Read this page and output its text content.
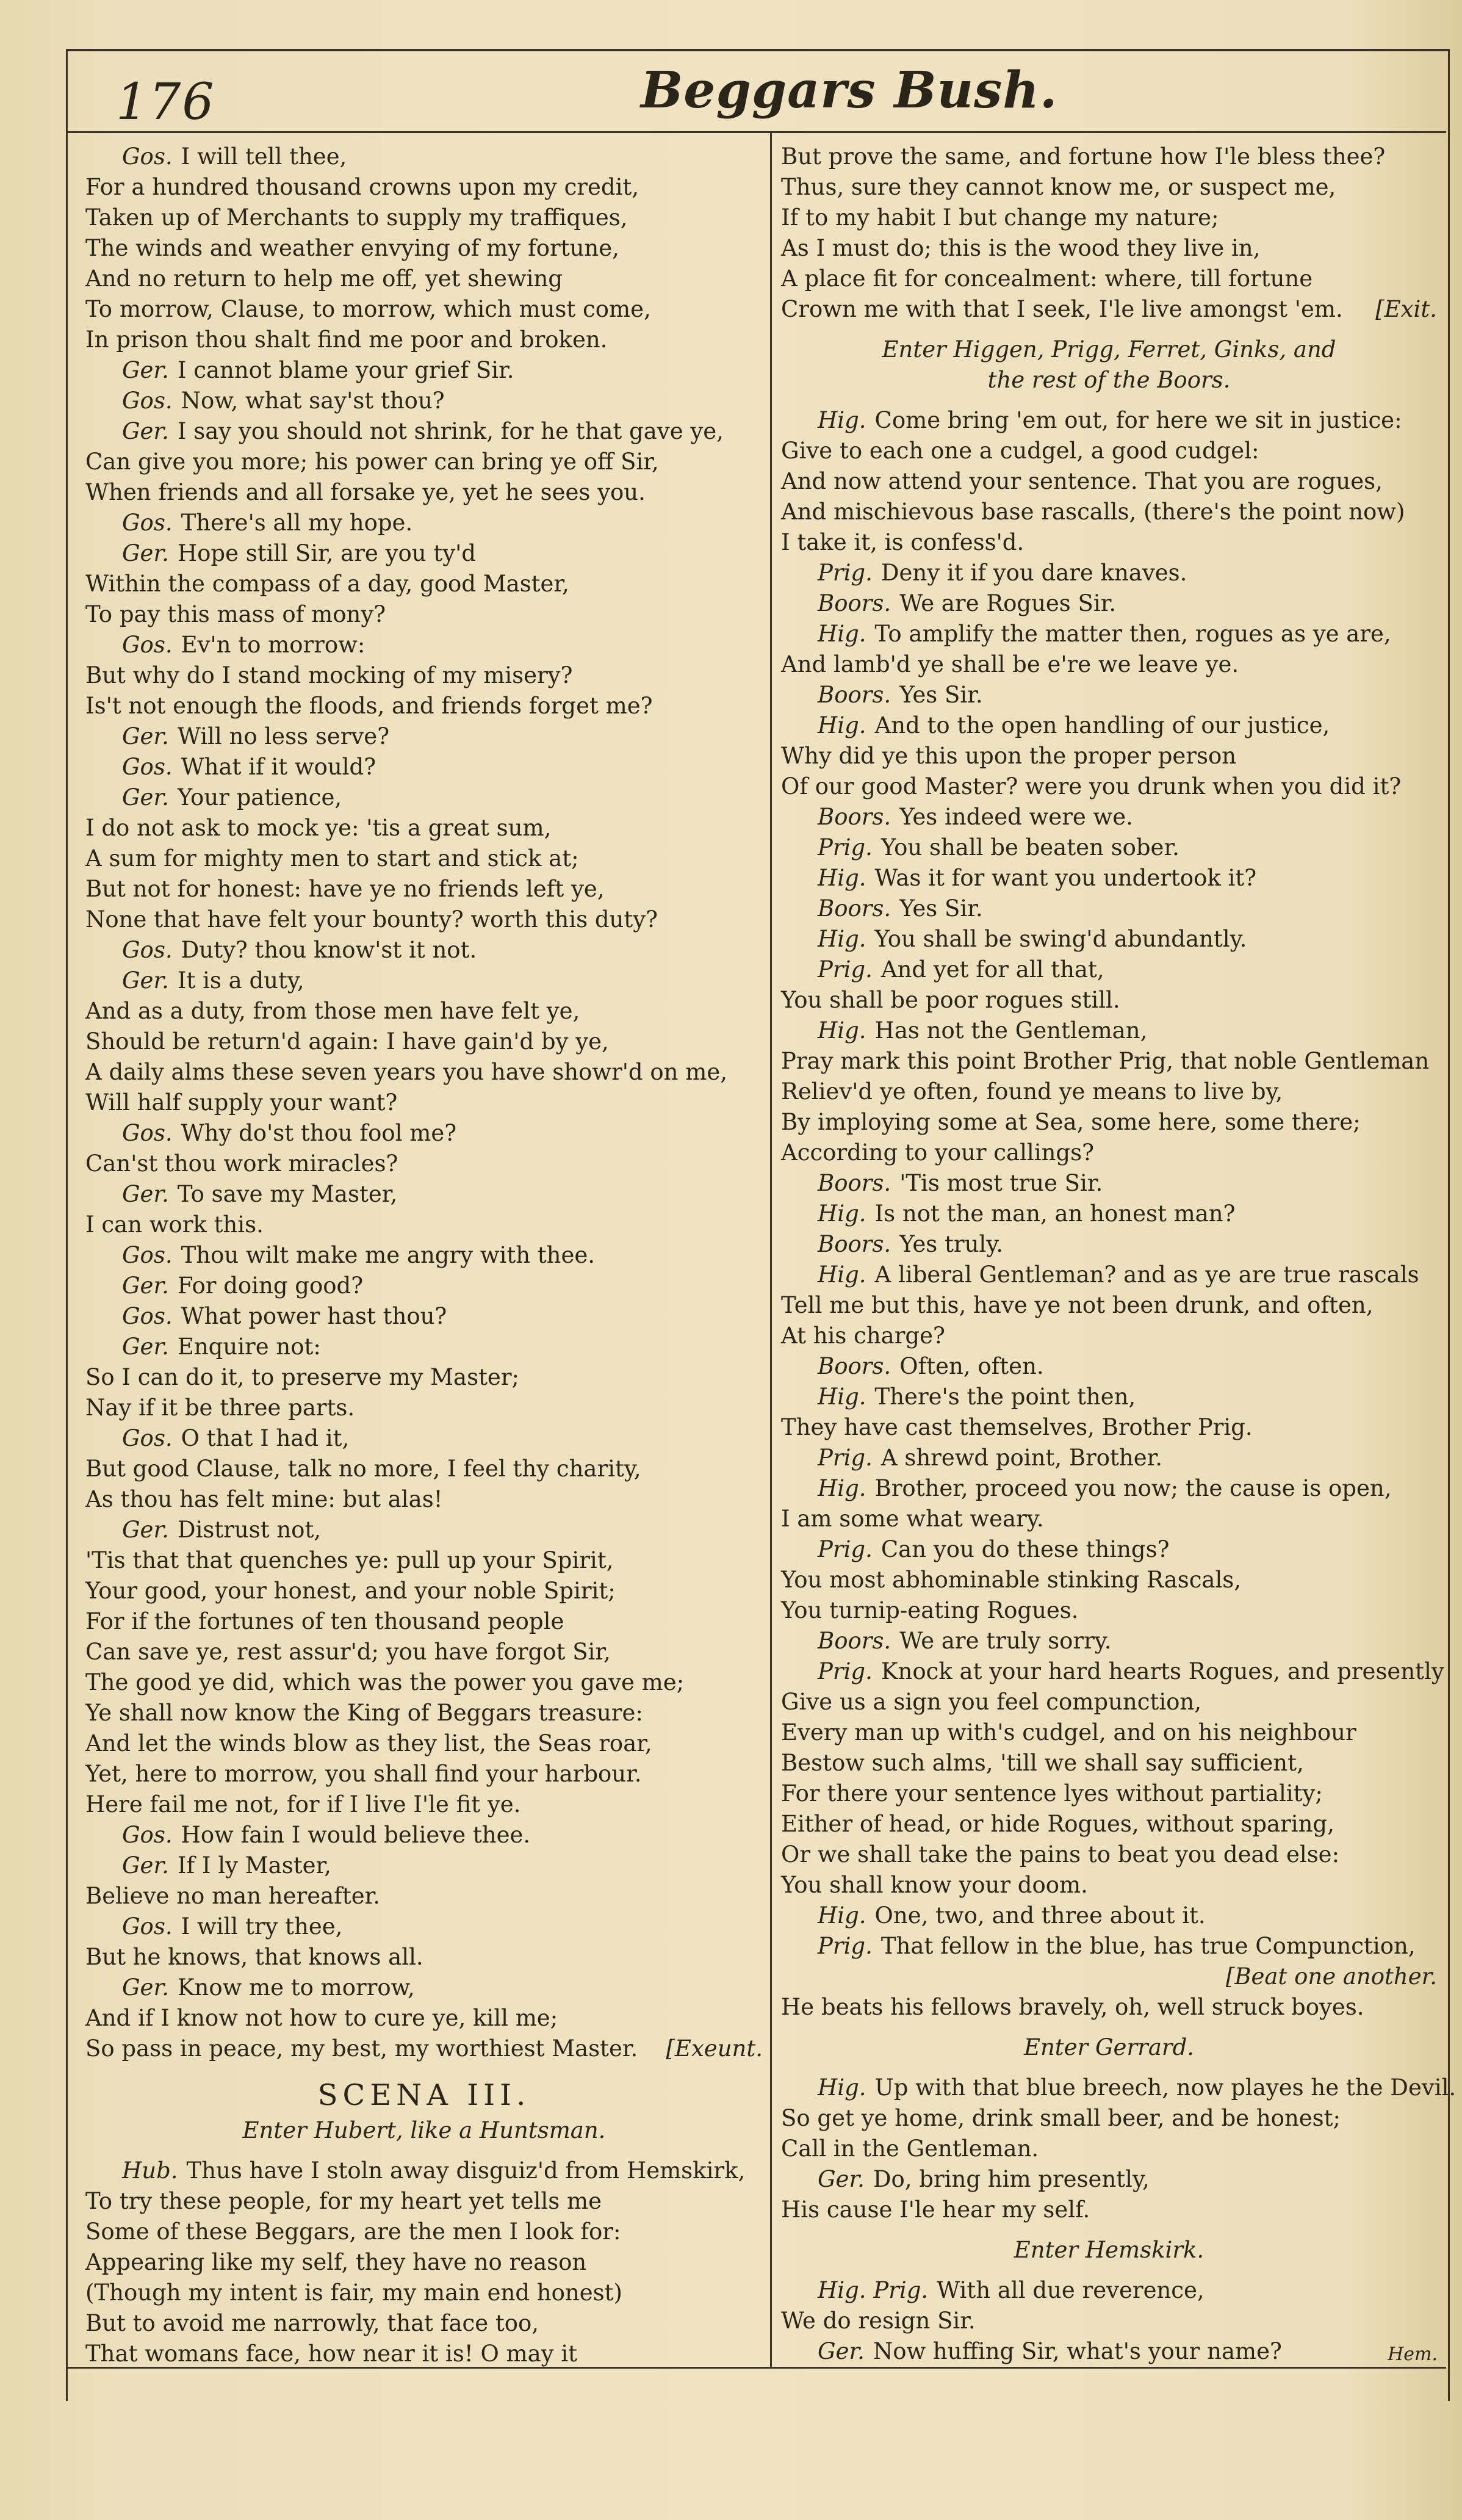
176	Beggars Bush.
Gos. I will tell thee,
For a hundred thousand crowns upon my credit,
Taken up of Merchants to supply my traffiques,
The winds and weather envying of my fortune,
And no return to help me off, yet shewing
To morrow, Clause, to morrow, which must come,
In prison thou shalt find me poor and broken.
Ger. I cannot blame your grief Sir.
Gos. Now, what say'st thou?
Ger. I say you should not shrink, for he that gave ye,
Can give you more; his power can bring ye off Sir,
When friends and all forsake ye, yet he sees you.
Gos. There's all my hope.
Ger. Hope still Sir, are you ty'd
Within the compass of a day, good Master,
To pay this mass of mony?
Gos. Ev'n to morrow:
But why do I stand mocking of my misery?
Is't not enough the floods, and friends forget me?
Ger. Will no less serve?
Gos. What if it would?
Ger. Your patience,
I do not ask to mock ye: 'tis a great sum,
A sum for mighty men to start and stick at;
But not for honest: have ye no friends left ye,
None that have felt your bounty? worth this duty?
Gos. Duty? thou know'st it not.
Ger. It is a duty,
And as a duty, from those men have felt ye,
Should be return'd again: I have gain'd by ye,
A daily alms these seven years you have showr'd on me,
Will half supply your want?
Gos. Why do'st thou fool me?
Can'st thou work miracles?
Ger. To save my Master,
I can work this.
Gos. Thou wilt make me angry with thee.
Ger. For doing good?
Gos. What power hast thou?
Ger. Enquire not:
So I can do it, to preserve my Master;
Nay if it be three parts.
Gos. O that I had it,
But good Clause, talk no more, I feel thy charity,
As thou has felt mine: but alas!
Ger. Distrust not,
'Tis that that quenches ye: pull up your Spirit,
Your good, your honest, and your noble Spirit;
For if the fortunes of ten thousand people
Can save ye, rest assur'd; you have forgot Sir,
The good ye did, which was the power you gave me;
Ye shall now know the King of Beggars treasure:
And let the winds blow as they list, the Seas roar,
Yet, here to morrow, you shall find your harbour.
Here fail me not, for if I live I'le fit ye.
Gos. How fain I would believe thee.
Ger. If I ly Master,
Believe no man hereafter.
Gos. I will try thee,
But he knows, that knows all.
Ger. Know me to morrow,
And if I know not how to cure ye, kill me;
[Exeunt.
So pass in peace, my best, my worthiest Master.
SCENA III.
Enter Hubert, like a Huntsman.
Hub. Thus have I stoln away disguiz'd from Hemskirk,
To try these people, for my heart yet tells me
Some of these Beggars, are the men I look for:
Appearing like my self, they have no reason
(Though my intent is fair, my main end honest)
But to avoid me narrowly, that face too,
That womans face, how near it is! O may it
But prove the same, and fortune how I'le bless thee?
Thus, sure they cannot know me, or suspect me,
If to my habit I but change my nature;
As I must do; this is the wood they live in,
A place fit for concealment: where, till fortune
[Exit.
Crown me with that I seek, I'le live amongst 'em.
Enter Higgen, Prigg, Ferret, Ginks, and
the rest of the Boors.
Hig. Come bring 'em out, for here we sit in justice:
Give to each one a cudgel, a good cudgel:
And now attend your sentence. That you are rogues,
And mischievous base rascalls, (there's the point now)
I take it, is confess'd.
Prig. Deny it if you dare knaves.
Boors. We are Rogues Sir.
Hig. To amplify the matter then, rogues as ye are,
And lamb'd ye shall be e're we leave ye.
Boors. Yes Sir.
Hig. And to the open handling of our justice,
Why did ye this upon the proper person
Of our good Master? were you drunk when you did it?
Boors. Yes indeed were we.
Prig. You shall be beaten sober.
Hig. Was it for want you undertook it?
Boors. Yes Sir.
Hig. You shall be swing'd abundantly.
Prig. And yet for all that,
You shall be poor rogues still.
Hig. Has not the Gentleman,
Pray mark this point Brother Prig, that noble Gentleman
Reliev'd ye often, found ye means to live by,
By imploying some at Sea, some here, some there;
According to your callings?
Boors. 'Tis most true Sir.
Hig. Is not the man, an honest man?
Boors. Yes truly.
Hig. A liberal Gentleman? and as ye are true rascals
Tell me but this, have ye not been drunk, and often,
At his charge?
Boors. Often, often.
Hig. There's the point then,
They have cast themselves, Brother Prig.
Prig. A shrewd point, Brother.
Hig. Brother, proceed you now; the cause is open,
I am some what weary.
Prig. Can you do these things?
You most abhominable stinking Rascals,
You turnip-eating Rogues.
Boors. We are truly sorry.
Prig. Knock at your hard hearts Rogues, and presently
Give us a sign you feel compunction,
Every man up with's cudgel, and on his neighbour
Bestow such alms, 'till we shall say sufficient,
For there your sentence lyes without partiality;
Either of head, or hide Rogues, without sparing,
Or we shall take the pains to beat you dead else:
You shall know your doom.
Hig. One, two, and three about it.
Prig. That fellow in the blue, has true Compunction,
[Beat one another.
He beats his fellows bravely, oh, well struck boyes.
Enter Gerrard.
Hig. Up with that blue breech, now playes he the Devil.
So get ye home, drink small beer, and be honest;
Call in the Gentleman.
Ger. Do, bring him presently,
His cause I'le hear my self.
Enter Hemskirk.
Hig. Prig. With all due reverence,
We do resign Sir.
Ger. Now huffing Sir, what's your name?	Hem.
